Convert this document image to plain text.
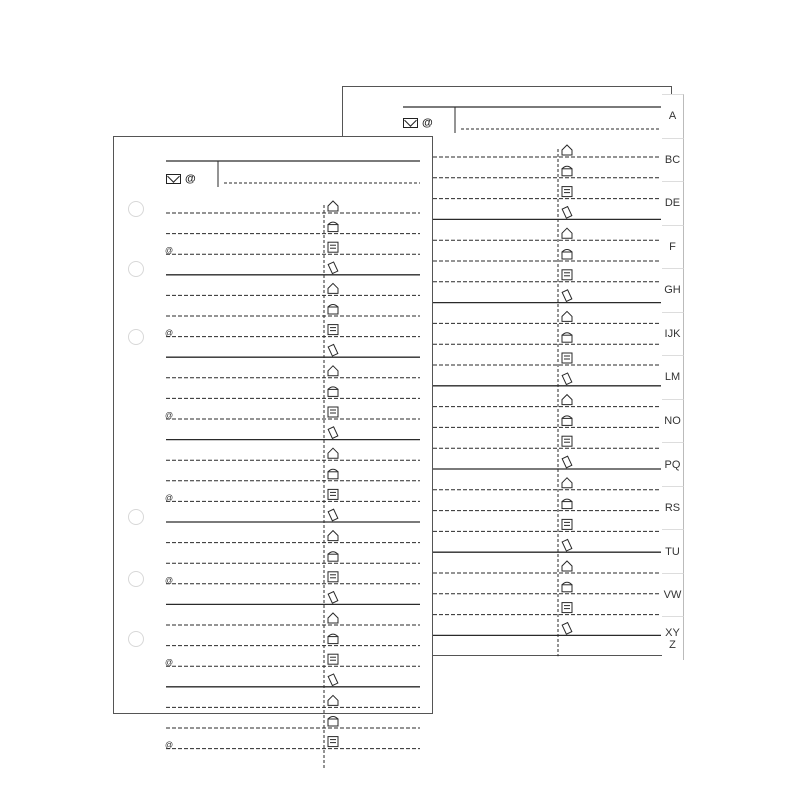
@
A
BC
DE
F
GH
IJK
LM
NO
PQ
RS
TU
VW
XY Z
@
@
@
@
@
@
@
@
